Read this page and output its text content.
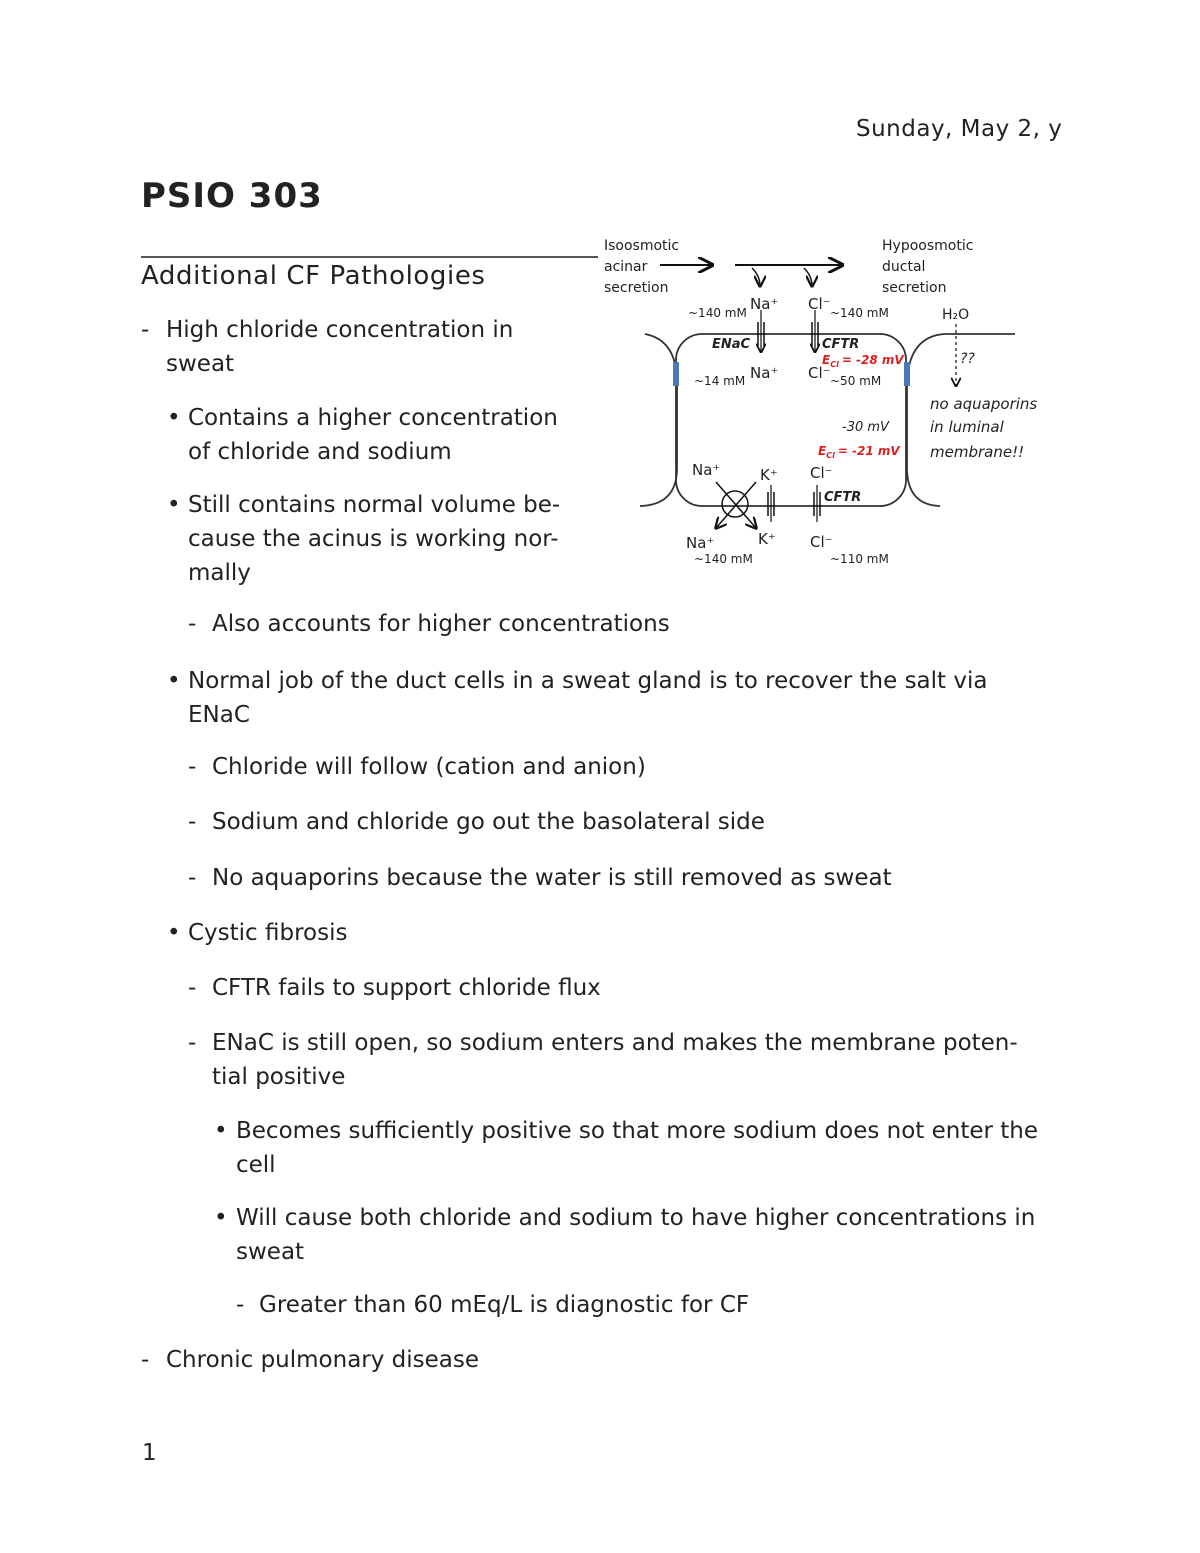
Sunday, May 2, y
PSIO 303
Additional CF Pathologies
- High chloride concentration in
sweat
• Contains a higher concentration
of chloride and sodium
• Still contains normal volume be-
cause the acinus is working nor-
mally
- Also accounts for higher concentrations
• Normal job of the duct cells in a sweat gland is to recover the salt via
ENaC
- Chloride will follow (cation and anion)
- Sodium and chloride go out the basolateral side
- No aquaporins because the water is still removed as sweat
• Cystic fibrosis
- CFTR fails to support chloride flux
- ENaC is still open, so sodium enters and makes the membrane poten-
tial positive
• Becomes sufficiently positive so that more sodium does not enter the
cell
• Will cause both chloride and sodium to have higher concentrations in
sweat
- Greater than 60 mEq/L is diagnostic for CF
- Chronic pulmonary disease
Isoosmotic
acinar
secretion
Hypoosmotic
ductal
secretion
~140 mM	~140 mM
~14 mM	~50 mM
~140 mM	~110 mM
Na⁺ Cl⁻
Na⁺ Cl⁻
Na⁺	K⁺ Cl⁻
Na⁺	K⁺ Cl⁻
ENaC	CFTR
CFTR
$E_{Cl} = -28$ mV
$E_{Cl} = -21$ mV
-30 mV
H₂O
??
no aquaporins
in luminal
membrane!!
1
